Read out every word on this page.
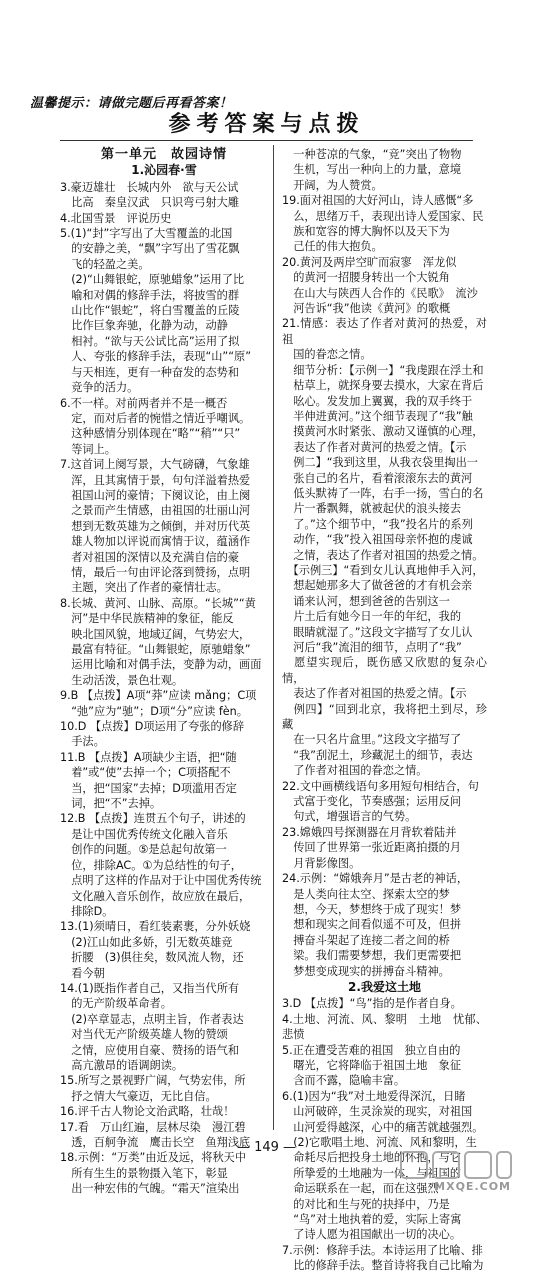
温馨提示：请做完题后再看答案！
参考答案与点拨
第一单元　故园诗情
1.沁园春·雪

3.豪迈雄壮　长城内外　欲与天公试

　比高　秦皇汉武　只识弯弓射大雕

4.北国雪景　评说历史

5.(1)“封”字写出了大雪覆盖的北国

　的安静之美，“飘”字写出了雪花飘

　飞的轻盈之美。

　(2)“山舞银蛇，原驰蜡象”运用了比

　喻和对偶的修辞手法，将披雪的群

　山比作“银蛇”，将白雪覆盖的丘陵

　比作巨象奔驰，化静为动，动静

　相衬。“欲与天公试比高”运用了拟

　人、夸张的修辞手法，表现“山”“原”

　与天相连，更有一种奋发的态势和

　竞争的活力。

6.不一样。对前两者并不是一概否

　定，而对后者的惋惜之情近乎嘲讽。

　这种感情分别体现在“略”“稍”“只”

　等词上。

7.这首词上阕写景，大气磅礴，气象雄

　浑，且其寓情于景，句句洋溢着热爱

　祖国山河的豪情；下阕议论，由上阕

　之景而产生情感，由祖国的壮丽山河

　想到无数英雄为之倾倒，并对历代英

　雄人物加以评说而寓情于议，蕴涵作

　者对祖国的深情以及充满自信的豪

　情，最后一句由评论落到赞扬，点明

　主题，突出了作者的豪情壮志。

8.长城、黄河、山脉、高原。“长城”“黄

　河”是中华民族精神的象征，能反

　映北国风貌，地域辽阔，气势宏大，

　最富有特征。“山舞银蛇，原驰蜡象”

　运用比喻和对偶手法，变静为动，画面

　生动活泼，景色壮观。

9.B 【点拨】A项“莽”应读 mǎng；C项

　“弛”应为“驰”；D项“分”应读 fèn。

10.D 【点拨】D项运用了夸张的修辞

　手法。

11.B 【点拨】A项缺少主语，把“随

　着”或“使”去掉一个；C项搭配不

　当，把“国家”去掉；D项滥用否定

　词，把“不”去掉。

12.B 【点拨】连贯五个句子，讲述的

　是让中国优秀传统文化融入音乐

　创作的问题。⑤是总起句故第一

　位，排除AC。①为总结性的句子，

　点明了这样的作品对于让中国优秀传统

　文化融入音乐创作，故应放在最后，

　排除D。

13.(1)须晴日，看红装素裹，分外妖娆

　(2)江山如此多娇，引无数英雄竞

　折腰　(3)俱往矣，数风流人物，还

　看今朝

14.(1)既指作者自己，又指当代所有

　的无产阶级革命者。

　(2)卒章显志，点明主旨，作者表达

　对当代无产阶级英雄人物的赞颂

　之情，应使用自豪、赞扬的语气和

　高亢激昂的语调朗读。

15.所写之景视野广阔，气势宏伟，所

　抒之情大气豪迈，无比自信。

16.评千古人物论文治武略，壮哉！

17.看　万山红遍，层林尽染　漫江碧

　透，百舸争流　鹰击长空　鱼翔浅底

18.示例：“万类”由近及远，将秋天中

　所有生生的景物摄入笔下，彰显

　出一种宏伟的气魄。“霜天”渲染出

　一种苍凉的气象，“竞”突出了物物

　生机，写出一种向上的力量，意境

　开阔，为人赞赏。

19.面对祖国的大好河山，诗人感慨“多

　么，思绪万千，表现出诗人爱国家、民

　族和宽容的博大胸怀以及天下为

　己任的伟大抱负。

20.黄河及两岸空旷而寂寥　浑龙似

　的黄河一招腰身转出一个大锐角

　在山大与陕西人合作的《民歌》　流沙

　河告诉“我”他读《黄河》的歌概

21.情感：表达了作者对黄河的热爱，对祖

　国的眷恋之情。

　细节分析：【示例一】“我虔跟在浮土和

　枯草上，就探身要去摸水，大家在背后

　吆心。发发加上翼翼，我的双手终于

　半伸进黄河。”这个细节表现了“我”触

　摸黄河水时紧张、激动又谨慎的心理，

　表达了作者对黄河的热爱之情。【示

　例二】“我到这里，从我衣袋里掏出一

　张自己的名片，看着滚滚东去的黄河

　低头默祷了一阵，右手一扬，雪白的名

　片一番飘舞，就被起伏的浪头接去

　了。”这个细节中，“我”投名片的系列

　动作，“我”投入祖国母亲怀抱的虔诚

　之情，表达了作者对祖国的热爱之情。

　【示例三】“看到女儿认真地伸手入河，

　想起她那多大了做爸爸的才有机会亲

　诵来认河，想到爸爸的告别这一

　片土后有她今日一年的年纪，我的

　眼睛就湿了。”这段文字描写了女儿认

　河后“我”流泪的细节，点明了“我”

　愿望实现后，既伤感又欣慰的复杂心情，

　表达了作者对祖国的热爱之情。【示

　例四】“回到北京，我将把土到尽，珍藏

　在一只名片盒里。”这段文字描写了

　“我”刮泥土，珍藏泥土的细节，表达

　了作者对祖国的眷恋之情。

22.文中画横线语句多用短句相结合，句

　式富于变化，节奏感强；运用反问

　句式，增强语言的气势。

23.嫦娥四号探测器在月背软着陆并

　传回了世界第一张近距离拍摄的月

　月背影像图。

24.示例：“嫦娥奔月”是古老的神话，

　是人类向往太空、探索太空的梦

　想，今天，梦想终于成了现实！梦

　想和现实之间看似遥不可及，但拼

　搏奋斗架起了连接二者之间的桥

　梁。我们需要梦想，我们更需要把

　梦想变成现实的拼搏奋斗精神。

2.我爱这土地

3.D 【点拨】“鸟”指的是作者自身。

4.土地、河流、风、黎明　土地　忧郁、悲愤

5.正在遭受苦难的祖国　独立自由的

　曙光，它将降临于祖国土地　象征

　含而不露，隐喻丰富。

6.(1)因为“我”对土地爱得深沉，日睹

　山河破碎，生灵涂炭的现实，对祖国

　山河爱得越深，心中的痛苦就越强烈。

　(2)它歌唱土地、河流、风和黎明，生

　命耗尽后把投身土地的怀抱，与它

　所挚爱的土地融为一体，与祖国的

　命运联系在一起，而在这强烈

　的对比和生与死的抉择中，乃是

　“鸟”对土地执着的爱，实际上寄寓

　了诗人愿为祖国献出一切的决心。

7.示例：修辞手法。本诗运用了比喻、排

　比的修辞手法。整首诗将我自己比喻为

— 149 —
MXQE.COM
